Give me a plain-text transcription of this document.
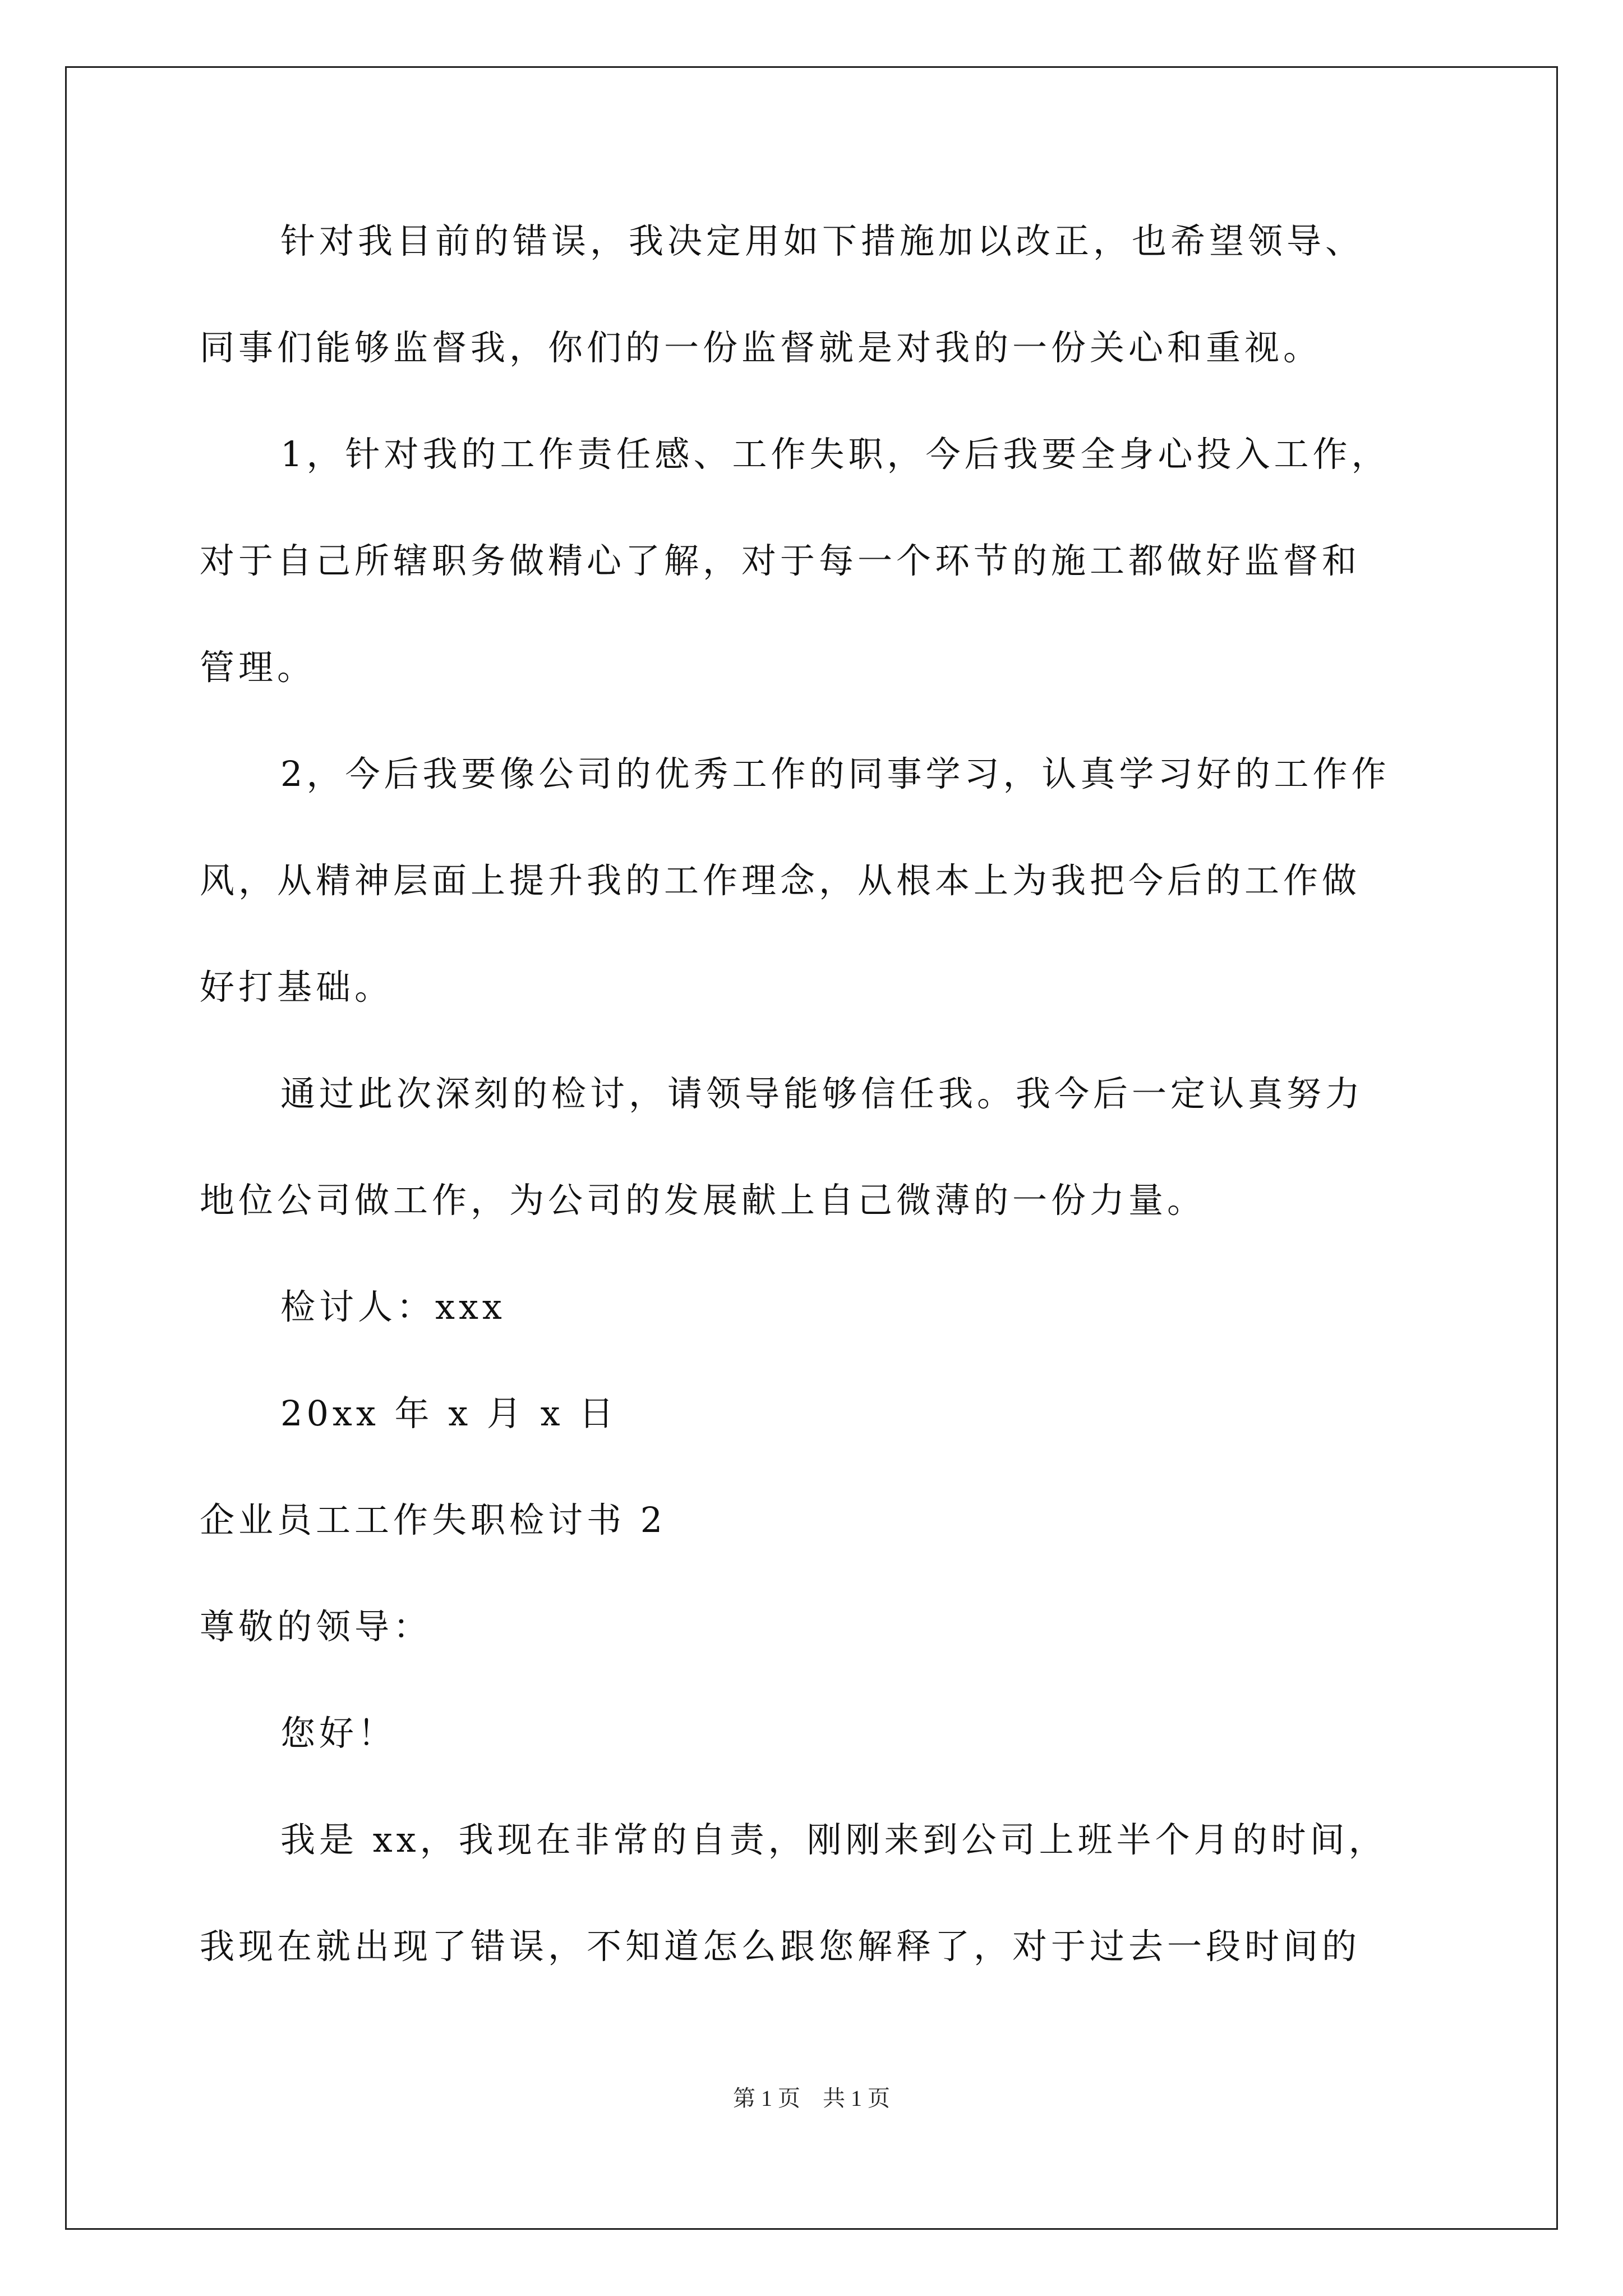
针对我目前的错误，我决定用如下措施加以改正，也希望领导、
同事们能够监督我，你们的一份监督就是对我的一份关心和重视。
1，针对我的工作责任感、工作失职，今后我要全身心投入工作，
对于自己所辖职务做精心了解，对于每一个环节的施工都做好监督和
管理。
2，今后我要像公司的优秀工作的同事学习，认真学习好的工作作
风，从精神层面上提升我的工作理念，从根本上为我把今后的工作做
好打基础。
通过此次深刻的检讨，请领导能够信任我。我今后一定认真努力
地位公司做工作，为公司的发展献上自己微薄的一份力量。
检讨人：xxx
20xx 年 x 月 x 日
企业员工工作失职检讨书 2
尊敬的领导：
您好！
我是 xx，我现在非常的自责，刚刚来到公司上班半个月的时间，
我现在就出现了错误，不知道怎么跟您解释了，对于过去一段时间的
第 1 页 共 1 页
